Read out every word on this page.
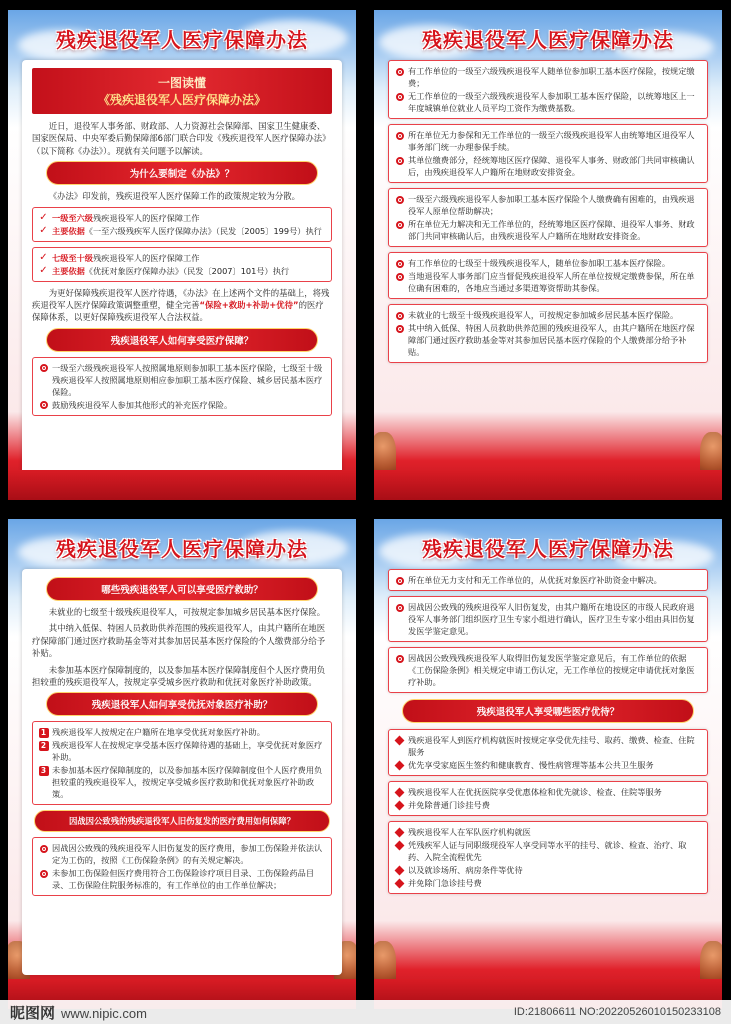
残疾退役军人医疗保障办法
一图读懂
《残疾退役军人医疗保障办法》
近日，退役军人事务部、财政部、人力资源社会保障部、国家卫生健康委、国家医保局、中央军委后勤保障部6部门联合印发《残疾退役军人医疗保障办法》（以下简称《办法》）。现就有关问题予以解读。
为什么要制定《办法》？
《办法》印发前，残疾退役军人医疗保障工作的政策规定较为分散。
✓ 一级至六级残疾退役军人的医疗保障工作
✓ 主要依据《一至六级残疾军人医疗保障办法》（民发〔2005〕199号）执行
✓ 七级至十级残疾退役军人的医疗保障工作
✓ 主要依据《优抚对象医疗保障办法》（民发〔2007〕101号）执行
为更好保障残疾退役军人医疗待遇，《办法》在上述两个文件的基础上，将残疾退役军人医疗保障政策调整重塑，健全完善“保险+救助+补助+优待”的医疗保障体系，以更好保障残疾退役军人合法权益。
残疾退役军人如何享受医疗保障？
一级至六级残疾退役军人按照属地原则参加职工基本医疗保险，七级至十级残疾退役军人按照属地原则相应参加职工基本医疗保险、城乡居民基本医疗保险。
鼓励残疾退役军人参加其他形式的补充医疗保险。
残疾退役军人医疗保障办法
有工作单位的一级至六级残疾退役军人随单位参加职工基本医疗保险，按规定缴费；
无工作单位的一级至六级残疾退役军人参加职工基本医疗保险，以统筹地区上一年度城镇单位就业人员平均工资作为缴费基数。
所在单位无力参保和无工作单位的一级至六级残疾退役军人由统筹地区退役军人事务部门统一办理参保手续。
其单位缴费部分，经统筹地区医疗保障、退役军人事务、财政部门共同审核确认后，由残疾退役军人户籍所在地财政安排资金。
一级至六级残疾退役军人参加职工基本医疗保险个人缴费确有困难的，由残疾退役军人原单位帮助解决；
所在单位无力解决和无工作单位的，经统筹地区医疗保障、退役军人事务、财政部门共同审核确认后，由残疾退役军人户籍所在地财政安排资金。
有工作单位的七级至十级残疾退役军人，随单位参加职工基本医疗保险。
当地退役军人事务部门应当督促残疾退役军人所在单位按规定缴费参保，所在单位确有困难的，各地应当通过多渠道筹资帮助其参保。
未就业的七级至十级残疾退役军人，可按规定参加城乡居民基本医疗保险。
其中纳入低保、特困人员救助供养范围的残疾退役军人，由其户籍所在地医疗保障部门通过医疗救助基金等对其参加居民基本医疗保险的个人缴费部分给予补贴。
残疾退役军人医疗保障办法
哪些残疾退役军人可以享受医疗救助？
未就业的七级至十级残疾退役军人，可按规定参加城乡居民基本医疗保险。
其中纳入低保、特困人员救助供养范围的残疾退役军人，由其户籍所在地医疗保障部门通过医疗救助基金等对其参加居民基本医疗保险的个人缴费部分给予补贴。
未参加基本医疗保障制度的，以及参加基本医疗保障制度但个人医疗费用负担较重的残疾退役军人，按规定享受城乡医疗救助和优抚对象医疗补助政策。
残疾退役军人如何享受优抚对象医疗补助？
1 残疾退役军人按规定在户籍所在地享受优抚对象医疗补助。
2 残疾退役军人在按规定享受基本医疗保障待遇的基础上，享受优抚对象医疗补助。
3 未参加基本医疗保障制度的，以及参加基本医疗保障制度但个人医疗费用负担较重的残疾退役军人，按规定享受城乡医疗救助和优抚对象医疗补助政策。
因战因公致残的残疾退役军人旧伤复发的医疗费用如何保障？
因战因公致残的残疾退役军人旧伤复发的医疗费用，参加工伤保险并依法认定为工伤的，按照《工伤保险条例》的有关规定解决。
未参加工伤保险但医疗费用符合工伤保险诊疗项目目录、工伤保险药品目录、工伤保险住院服务标准的，有工作单位的由工作单位解决；
残疾退役军人医疗保障办法
所在单位无力支付和无工作单位的，从优抚对象医疗补助资金中解决。
因战因公致残的残疾退役军人旧伤复发，由其户籍所在地设区的市级人民政府退役军人事务部门组织医疗卫生专家小组进行确认，医疗卫生专家小组由具旧伤复发医学鉴定意见。
因战因公致残残疾退役军人取得旧伤复发医学鉴定意见后，有工作单位的依据《工伤保险条例》相关规定申请工伤认定，无工作单位的按规定申请优抚对象医疗补助。
残疾退役军人享受哪些医疗优待？
残疾退役军人到医疗机构就医时按规定享受优先挂号、取药、缴费、检查、住院服务
优先享受家庭医生签约和健康教育、慢性病管理等基本公共卫生服务
残疾退役军人在优抚医院享受优惠体检和优先就诊、检查、住院等服务
并免除普通门诊挂号费
残疾退役军人在军队医疗机构就医
凭残疾军人证与同职级现役军人享受同等水平的挂号、就诊、检查、治疗、取药、入院全流程优先
以及就诊场所、病房条件等优待
并免除门急诊挂号费
昵图网 www.nipic.com	ID:21806611 NO:20220526010150233108
